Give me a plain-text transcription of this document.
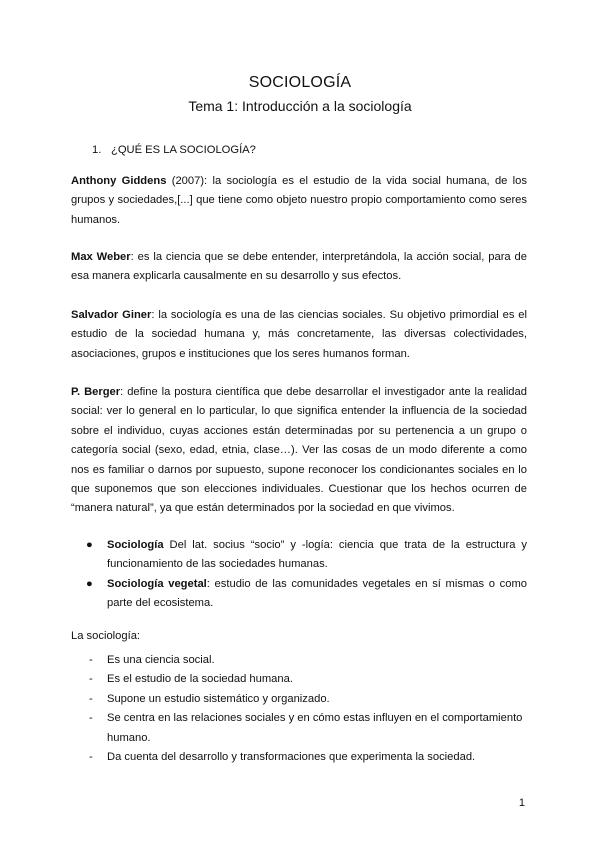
SOCIOLOGÍA
Tema 1: Introducción a la sociología
1. ¿QUÉ ES LA SOCIOLOGÍA?

Anthony Giddens (2007): la sociología es el estudio de la vida social humana, de los grupos y sociedades,[...] que tiene como objeto nuestro propio comportamiento como seres humanos.

Max Weber: es la ciencia que se debe entender, interpretándola, la acción social, para de esa manera explicarla causalmente en su desarrollo y sus efectos.

Salvador Giner: la sociología es una de las ciencias sociales. Su objetivo primordial es el estudio de la sociedad humana y, más concretamente, las diversas colectividades, asociaciones, grupos e instituciones que los seres humanos forman.

P. Berger: define la postura científica que debe desarrollar el investigador ante la realidad social: ver lo general en lo particular, lo que significa entender la influencia de la sociedad sobre el individuo, cuyas acciones están determinadas por su pertenencia a un grupo o categoría social (sexo, edad, etnia, clase…). Ver las cosas de un modo diferente a como nos es familiar o darnos por supuesto, supone reconocer los condicionantes sociales en lo que suponemos que son elecciones individuales. Cuestionar que los hechos ocurren de “manera natural”, ya que están determinados por la sociedad en que vivimos.

● Sociología Del lat. socius “socio” y -logía: ciencia que trata de la estructura y funcionamiento de las sociedades humanas.
● Sociología vegetal: estudio de las comunidades vegetales en sí mismas o como parte del ecosistema.

La sociología:

- Es una ciencia social.
- Es el estudio de la sociedad humana.
- Supone un estudio sistemático y organizado.
- Se centra en las relaciones sociales y en cómo estas influyen en el comportamiento humano.
- Da cuenta del desarrollo y transformaciones que experimenta la sociedad.
1
